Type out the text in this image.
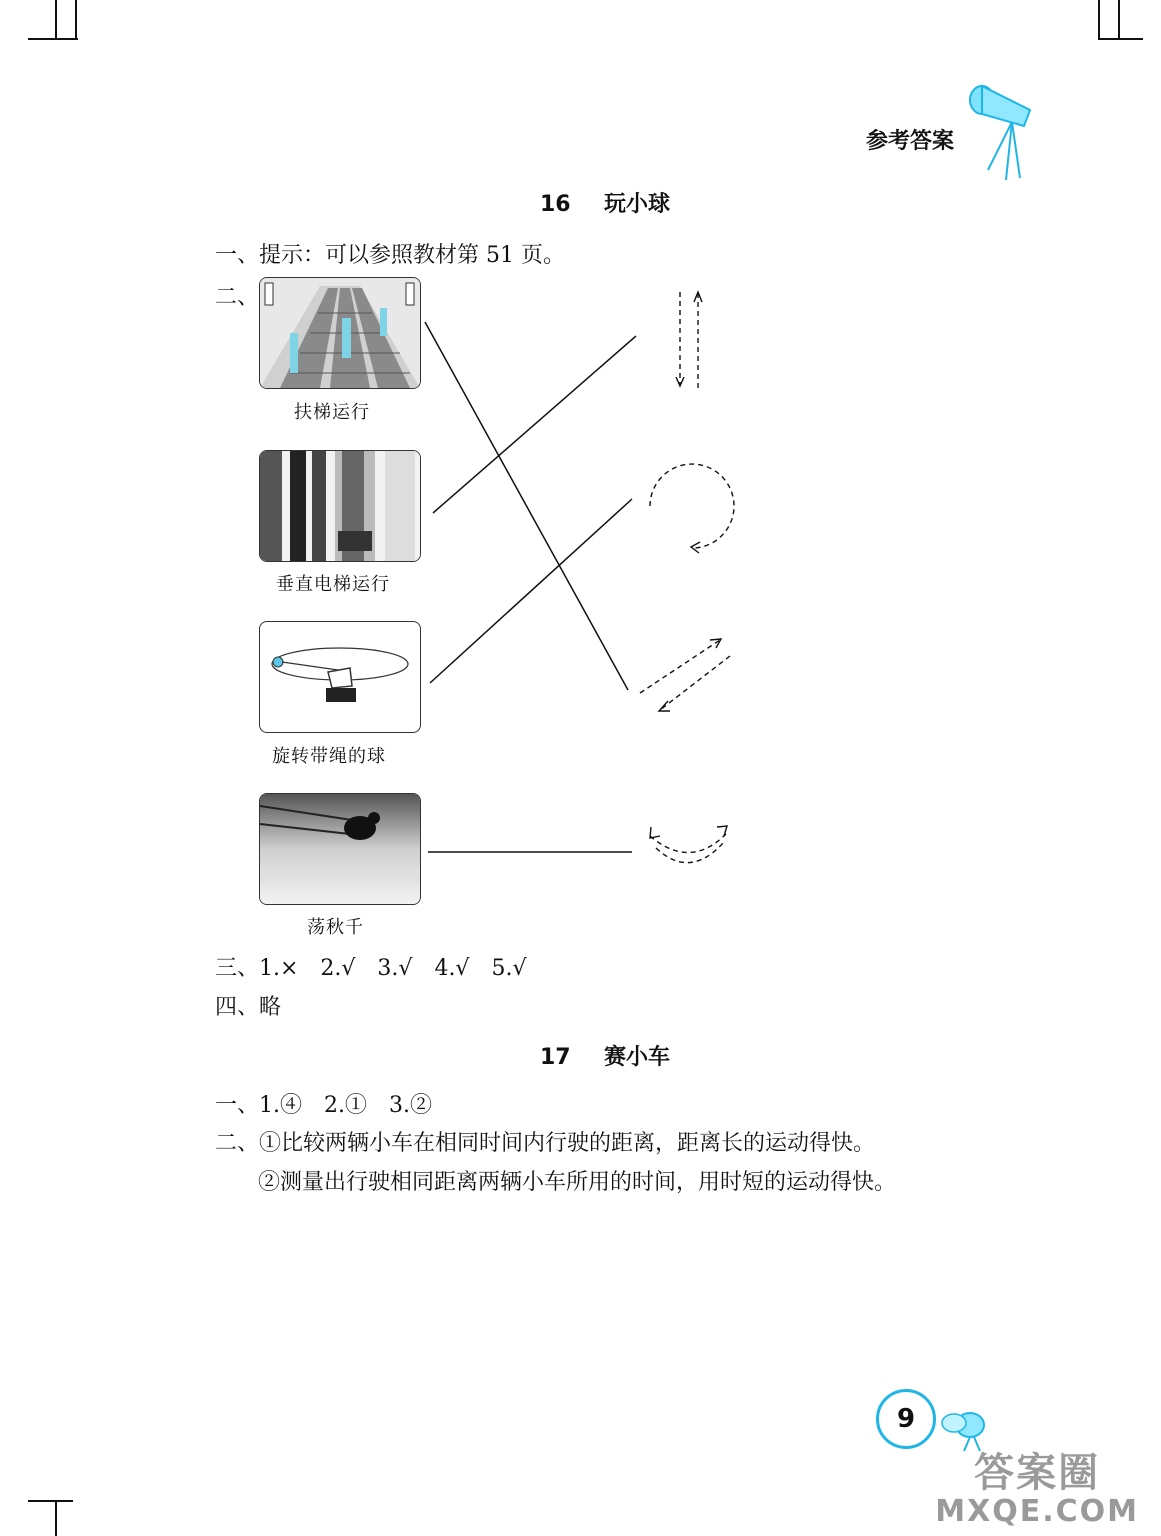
参考答案
16 玩小球
一、提示：可以参照教材第 51 页。
二、
扶梯运行
垂直电梯运行
旋转带绳的球
荡秋千
三、1.×　2.√　3.√　4.√　5.√
四、略
17 赛小车
一、1.④　2.①　3.②
二、①比较两辆小车在相同时间内行驶的距离，距离长的运动得快。
②测量出行驶相同距离两辆小车所用的时间，用时短的运动得快。
9
答案圈
MXQE.COM
